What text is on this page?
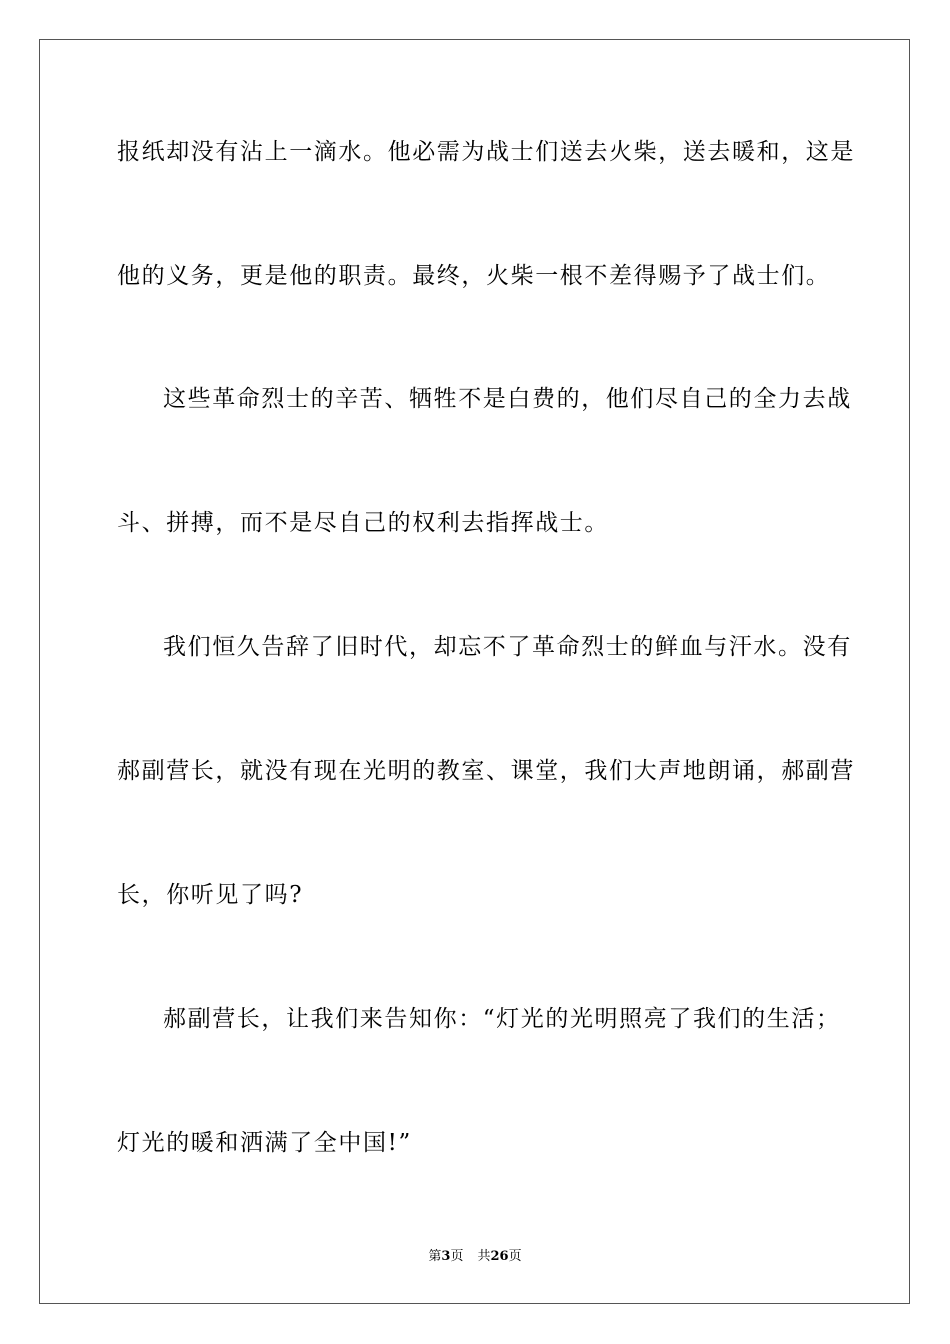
报纸却没有沾上一滴水。他必需为战士们送去火柴，送去暖和，这是
他的义务，更是他的职责。最终，火柴一根不差得赐予了战士们。
这些革命烈士的辛苦、牺牲不是白费的，他们尽自己的全力去战
斗、拼搏，而不是尽自己的权利去指挥战士。
我们恒久告辞了旧时代，却忘不了革命烈士的鲜血与汗水。没有
郝副营长，就没有现在光明的教室、课堂，我们大声地朗诵，郝副营
长，你听见了吗?
郝副营长，让我们来告知你：“灯光的光明照亮了我们的生活；
灯光的暖和洒满了全中国!”
第3页 共26页
